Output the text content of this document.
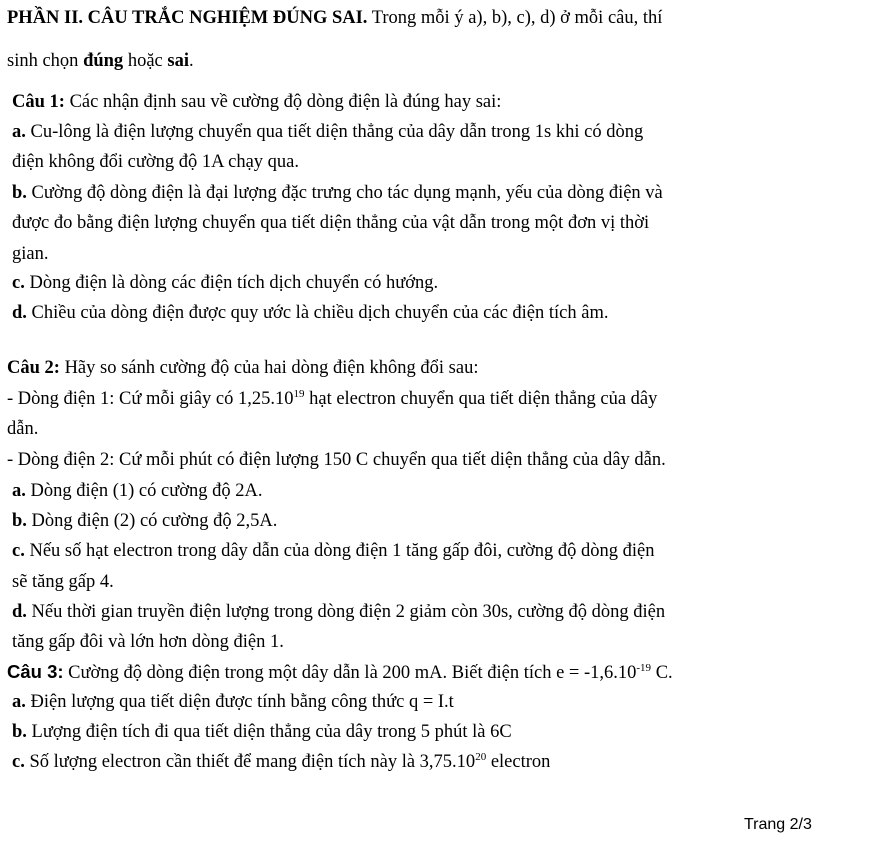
PHẦN II. CÂU TRẮC NGHIỆM ĐÚNG SAI. Trong mỗi ý a), b), c), d) ở mỗi câu, thí
sinh chọn đúng hoặc sai.
Câu 1: Các nhận định sau về cường độ dòng điện là đúng hay sai:
a. Cu-lông là điện lượng chuyển qua tiết diện thẳng của dây dẫn trong 1s khi có dòng
điện không đổi cường độ 1A chạy qua.
b. Cường độ dòng điện là đại lượng đặc trưng cho tác dụng mạnh, yếu của dòng điện và
được đo bằng điện lượng chuyển qua tiết diện thẳng của vật dẫn trong một đơn vị thời
gian.
c. Dòng điện là dòng các điện tích dịch chuyển có hướng.
d. Chiều của dòng điện được quy ước là chiều dịch chuyển của các điện tích âm.
Câu 2: Hãy so sánh cường độ của hai dòng điện không đổi sau:
- Dòng điện 1: Cứ mỗi giây có 1,25.10$^{19}$ hạt electron chuyển qua tiết diện thẳng của dây
dẫn.
- Dòng điện 2: Cứ mỗi phút có điện lượng 150 C chuyển qua tiết diện thẳng của dây dẫn.
a. Dòng điện (1) có cường độ 2A.
b. Dòng điện (2) có cường độ 2,5A.
c. Nếu số hạt electron trong dây dẫn của dòng điện 1 tăng gấp đôi, cường độ dòng điện
sẽ tăng gấp 4.
d. Nếu thời gian truyền điện lượng trong dòng điện 2 giảm còn 30s, cường độ dòng điện
tăng gấp đôi và lớn hơn dòng điện 1.
Câu 3: Cường độ dòng điện trong một dây dẫn là 200 mA. Biết điện tích $e = -1,6.10^{-19}$ C.
a. Điện lượng qua tiết diện được tính bằng công thức q = I.t
b. Lượng điện tích đi qua tiết diện thẳng của dây trong 5 phút là 6C
c. Số lượng electron cần thiết để mang điện tích này là 3,75.10$^{20}$ electron
Trang 2/3
